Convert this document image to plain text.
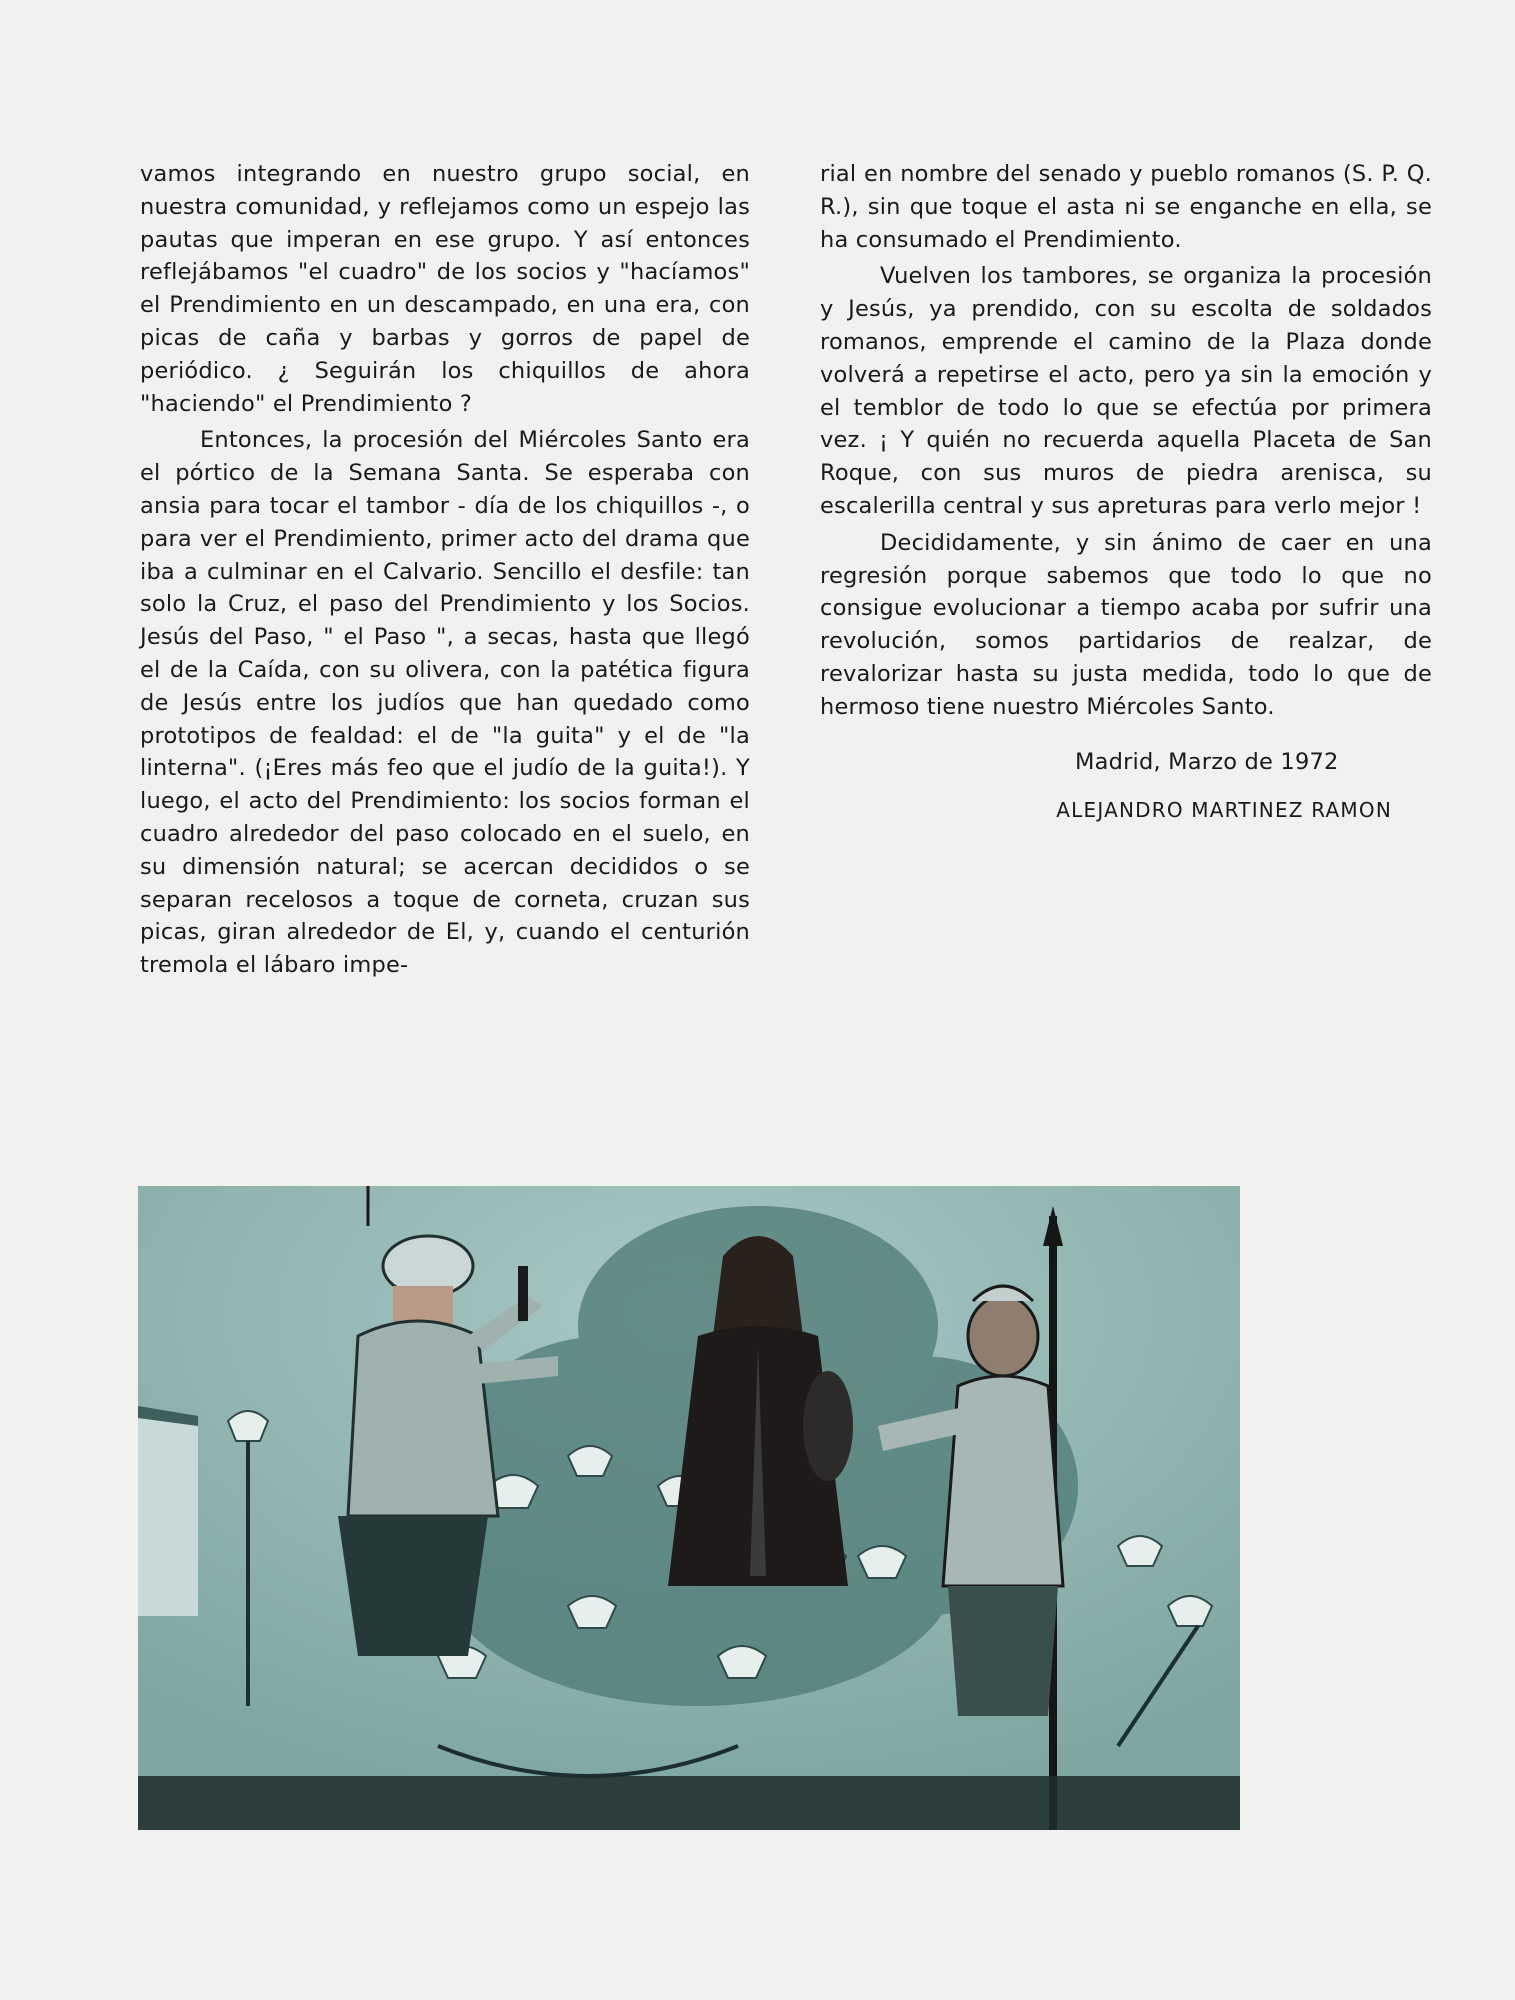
vamos integrando en nuestro grupo social, en nuestra comunidad, y reflejamos como un espejo las pautas que imperan en ese grupo. Y así entonces reflejábamos "el cuadro" de los socios y "hacíamos" el Prendimiento en un descampado, en una era, con picas de caña y barbas y gorros de papel de periódico. ¿ Seguirán los chiquillos de ahora "haciendo" el Prendimiento ?

Entonces, la procesión del Miércoles Santo era el pórtico de la Semana Santa. Se esperaba con ansia para tocar el tambor - día de los chiquillos -, o para ver el Prendimiento, primer acto del drama que iba a culminar en el Calvario. Sencillo el desfile: tan solo la Cruz, el paso del Prendimiento y los Socios. Jesús del Paso, " el Paso ", a secas, hasta que llegó el de la Caída, con su olivera, con la patética figura de Jesús entre los judíos que han quedado como prototipos de fealdad: el de "la guita" y el de "la linterna". (¡Eres más feo que el judío de la guita!). Y luego, el acto del Prendimiento: los socios forman el cuadro alrededor del paso colocado en el suelo, en su dimensión natural; se acercan decididos o se separan recelosos a toque de corneta, cruzan sus picas, giran alrededor de El, y, cuando el centurión tremola el lábaro impe-

rial en nombre del senado y pueblo romanos (S. P. Q. R.), sin que toque el asta ni se enganche en ella, se ha consumado el Prendimiento.

Vuelven los tambores, se organiza la procesión y Jesús, ya prendido, con su escolta de soldados romanos, emprende el camino de la Plaza donde volverá a repetirse el acto, pero ya sin la emoción y el temblor de todo lo que se efectúa por primera vez. ¡ Y quién no recuerda aquella Placeta de San Roque, con sus muros de piedra arenisca, su escalerilla central y sus apreturas para verlo mejor !

Decididamente, y sin ánimo de caer en una regresión porque sabemos que todo lo que no consigue evolucionar a tiempo acaba por sufrir una revolución, somos partidarios de realzar, de revalorizar hasta su justa medida, todo lo que de hermoso tiene nuestro Miércoles Santo.

Madrid, Marzo de 1972

ALEJANDRO MARTINEZ RAMON
